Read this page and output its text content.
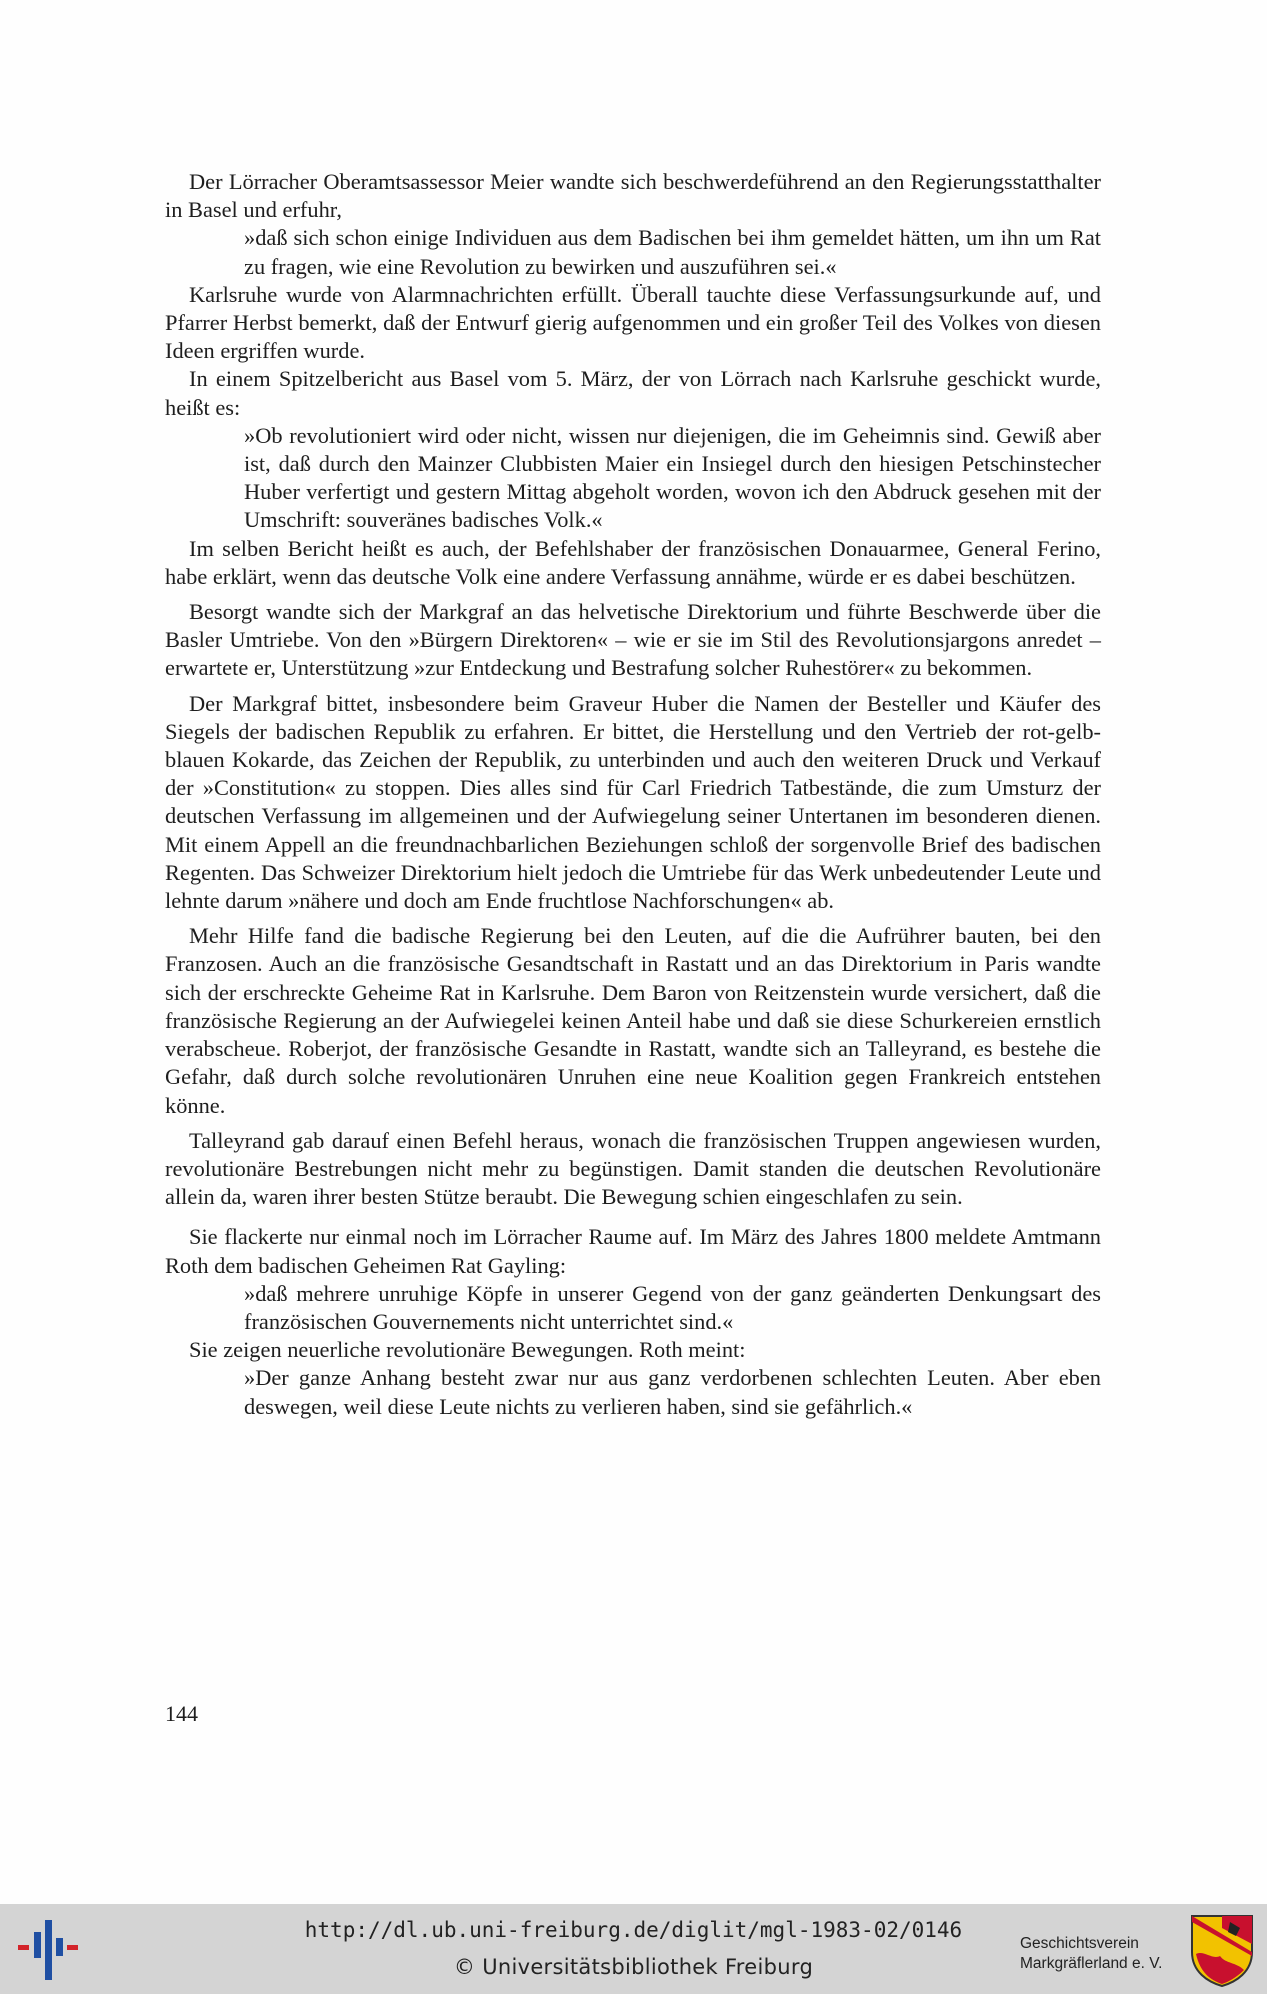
Der Lörracher Oberamtsassessor Meier wandte sich beschwerdeführend an den Regierungsstatthalter in Basel und erfuhr,

»daß sich schon einige Individuen aus dem Badischen bei ihm gemeldet hätten, um ihn um Rat zu fragen, wie eine Revolution zu bewirken und auszuführen sei.«

Karlsruhe wurde von Alarmnachrichten erfüllt. Überall tauchte diese Verfassungsurkunde auf, und Pfarrer Herbst bemerkt, daß der Entwurf gierig aufgenommen und ein großer Teil des Volkes von diesen Ideen ergriffen wurde.

In einem Spitzelbericht aus Basel vom 5. März, der von Lörrach nach Karlsruhe geschickt wurde, heißt es:

»Ob revolutioniert wird oder nicht, wissen nur diejenigen, die im Geheimnis sind. Gewiß aber ist, daß durch den Mainzer Clubbisten Maier ein Insiegel durch den hiesigen Petschinstecher Huber verfertigt und gestern Mittag abgeholt worden, wovon ich den Abdruck gesehen mit der Umschrift: souveränes badisches Volk.«

Im selben Bericht heißt es auch, der Befehlshaber der französischen Donauarmee, General Ferino, habe erklärt, wenn das deutsche Volk eine andere Verfassung annähme, würde er es dabei beschützen.

Besorgt wandte sich der Markgraf an das helvetische Direktorium und führte Beschwerde über die Basler Umtriebe. Von den »Bürgern Direktoren« – wie er sie im Stil des Revolutionsjargons anredet – erwartete er, Unterstützung »zur Entdeckung und Bestrafung solcher Ruhestörer« zu bekommen.

Der Markgraf bittet, insbesondere beim Graveur Huber die Namen der Besteller und Käufer des Siegels der badischen Republik zu erfahren. Er bittet, die Herstellung und den Vertrieb der rot-gelb-blauen Kokarde, das Zeichen der Republik, zu unterbinden und auch den weiteren Druck und Verkauf der »Constitution« zu stoppen. Dies alles sind für Carl Friedrich Tatbestände, die zum Umsturz der deutschen Verfassung im allgemeinen und der Aufwiegelung seiner Untertanen im besonderen dienen. Mit einem Appell an die freundnachbarlichen Beziehungen schloß der sorgenvolle Brief des badischen Regenten. Das Schweizer Direktorium hielt jedoch die Umtriebe für das Werk unbedeutender Leute und lehnte darum »nähere und doch am Ende fruchtlose Nachforschungen« ab.

Mehr Hilfe fand die badische Regierung bei den Leuten, auf die die Aufrührer bauten, bei den Franzosen. Auch an die französische Gesandtschaft in Rastatt und an das Direktorium in Paris wandte sich der erschreckte Geheime Rat in Karlsruhe. Dem Baron von Reitzenstein wurde versichert, daß die französische Regierung an der Aufwiegelei keinen Anteil habe und daß sie diese Schurkereien ernstlich verabscheue. Roberjot, der französische Gesandte in Rastatt, wandte sich an Talleyrand, es bestehe die Gefahr, daß durch solche revolutionären Unruhen eine neue Koalition gegen Frankreich entstehen könne.

Talleyrand gab darauf einen Befehl heraus, wonach die französischen Truppen angewiesen wurden, revolutionäre Bestrebungen nicht mehr zu begünstigen. Damit standen die deutschen Revolutionäre allein da, waren ihrer besten Stütze beraubt. Die Bewegung schien eingeschlafen zu sein.

Sie flackerte nur einmal noch im Lörracher Raume auf. Im März des Jahres 1800 meldete Amtmann Roth dem badischen Geheimen Rat Gayling:

»daß mehrere unruhige Köpfe in unserer Gegend von der ganz geänderten Denkungsart des französischen Gouvernements nicht unterrichtet sind.«

Sie zeigen neuerliche revolutionäre Bewegungen. Roth meint:

»Der ganze Anhang besteht zwar nur aus ganz verdorbenen schlechten Leuten. Aber eben deswegen, weil diese Leute nichts zu verlieren haben, sind sie gefährlich.«

144
http://dl.ub.uni-freiburg.de/diglit/mgl-1983-02/0146
© Universitätsbibliothek Freiburg
Geschichtsverein
Markgräflerland e. V.
